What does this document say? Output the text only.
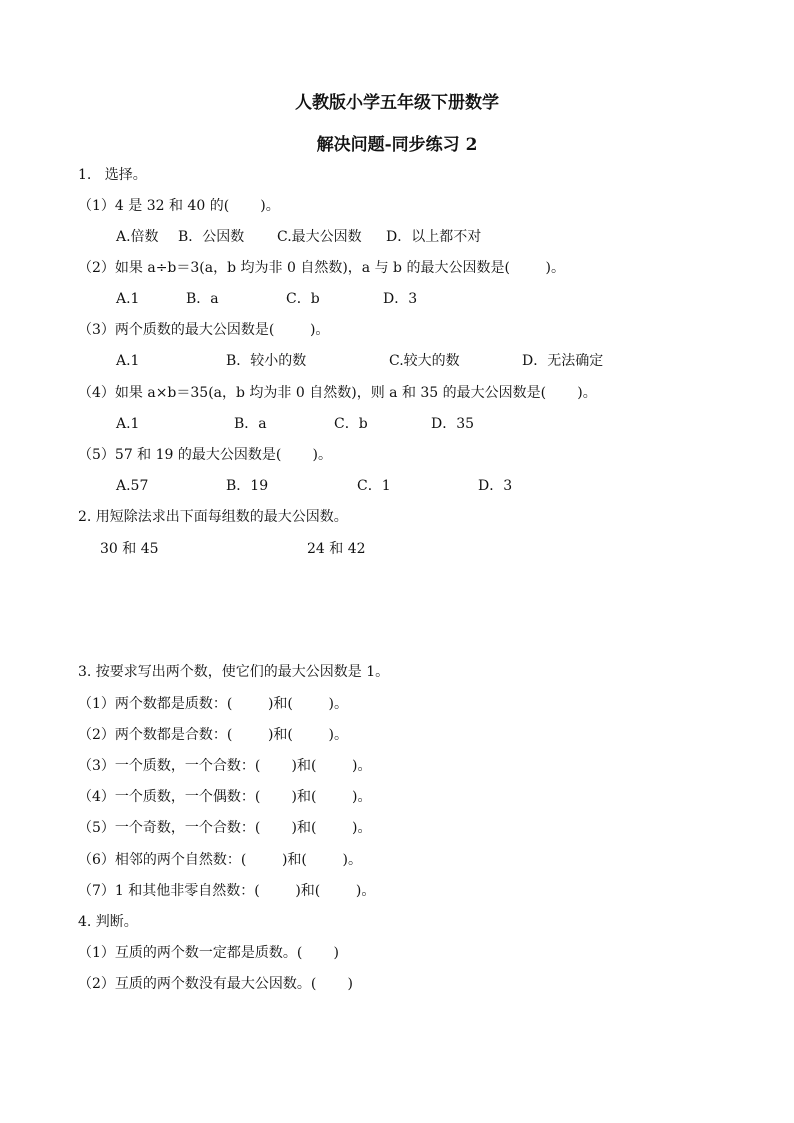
人教版小学五年级下册数学
解决问题-同步练习 2
1.   选择。
（1）4 是 32 和 40 的(       )。
A.倍数 B．公因数 C.最大公因数 D．以上都不对
（2）如果 a÷b＝3(a，b 均为非 0 自然数)，a 与 b 的最大公因数是(        )。
A.1	B．a	C．b	D．3
（3）两个质数的最大公因数是(        )。
A.1	B．较小的数	C.较大的数	D．无法确定
（4）如果 a×b＝35(a，b 均为非 0 自然数)，则 a 和 35 的最大公因数是(       )。
A.1	B．a	C．b	D．35
（5）57 和 19 的最大公因数是(       )。
A.57	B．19	C．1	D．3
2. 用短除法求出下面每组数的最大公因数。
30 和 45	24 和 42
3. 按要求写出两个数，使它们的最大公因数是 1。
（1）两个数都是质数：(        )和(        )。
（2）两个数都是合数：(        )和(        )。
（3）一个质数，一个合数：(       )和(        )。
（4）一个质数，一个偶数：(       )和(        )。
（5）一个奇数，一个合数：(       )和(        )。
（6）相邻的两个自然数：(        )和(        )。
（7）1 和其他非零自然数：(        )和(        )。
4. 判断。
（1）互质的两个数一定都是质数。(       )
（2）互质的两个数没有最大公因数。(       )
